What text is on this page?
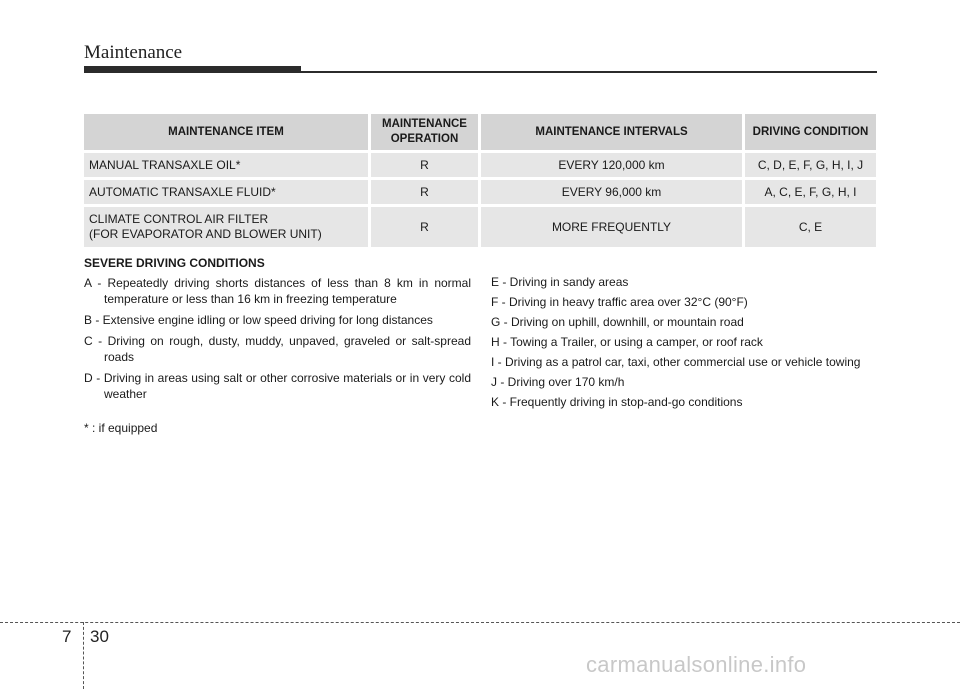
Maintenance
MAINTENANCE ITEM	MAINTENANCE OPERATION	MAINTENANCE INTERVALS	DRIVING CONDITION
MANUAL TRANSAXLE OIL*	R	EVERY 120,000 km	C, D, E, F, G, H, I, J
AUTOMATIC TRANSAXLE FLUID*	R	EVERY 96,000 km	A, C, E, F, G, H, I

CLIMATE CONTROL AIR FILTER
(FOR EVAPORATOR AND BLOWER UNIT)	R	MORE FREQUENTLY	C, E
SEVERE DRIVING CONDITIONS
A - Repeatedly driving shorts distances of less than 8 km in normal temperature or less than 16 km in freezing temperature
B - Extensive engine idling or low speed driving for long distances
C - Driving on rough, dusty, muddy, unpaved, graveled or salt-spread roads
D - Driving in areas using salt or other corrosive materials or in very cold weather
* : if equipped
E - Driving in sandy areas
F - Driving in heavy traffic area over 32°C (90°F)
G - Driving on uphill, downhill, or mountain road
H - Towing a Trailer, or using a camper, or roof rack
I - Driving as a patrol car, taxi, other commercial use or vehicle towing
J - Driving over 170 km/h
K - Frequently driving in stop-and-go conditions
7 30
carmanualsonline.info
